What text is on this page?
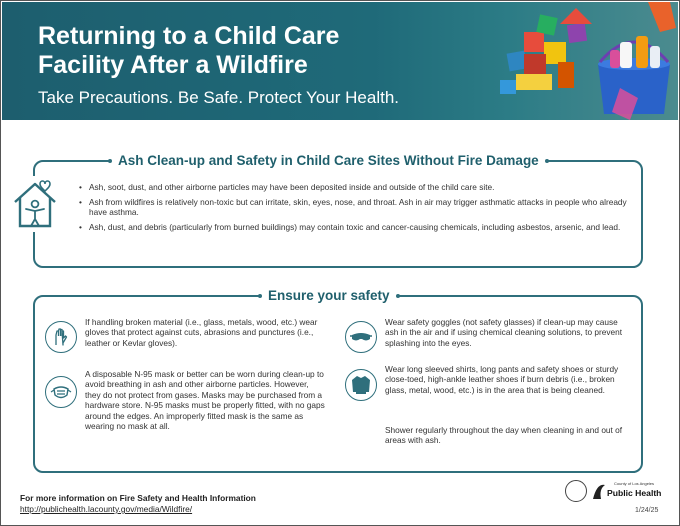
Returning to a Child Care
Facility After a Wildfire
Take Precautions. Be Safe. Protect Your Health.
Ash Clean-up and Safety in Child Care Sites Without Fire Damage
• Ash, soot, dust, and other airborne particles may have been deposited inside and outside of the child care site.
• Ash from wildfires is relatively non-toxic but can irritate, skin, eyes, nose, and throat. Ash in air may trigger asthmatic attacks in people who already have asthma.
• Ash, dust, and debris (particularly from burned buildings) may contain toxic and cancer-causing chemicals, including asbestos, arsenic, and lead.
Ensure your safety
If handling broken material (i.e., glass, metals, wood, etc.) wear gloves that protect against cuts, abrasions and punctures (i.e., leather or Kevlar gloves).
A disposable N-95 mask or better can be worn during clean-up to avoid breathing in ash and other airborne particles. However, they do not protect from gases. Masks may be purchased from a hardware store. N-95 masks must be properly fitted, with no gaps around the edges. An improperly fitted mask is the same as wearing no mask at all.
Wear safety goggles (not safety glasses) if clean-up may cause ash in the air and if using chemical cleaning solutions, to prevent splashing into the eyes.
Wear long sleeved shirts, long pants and safety shoes or sturdy close-toed, high-ankle leather shoes if burn debris (i.e., broken glass, metal, wood, etc.) is in the area that is being cleaned.
Shower regularly throughout the day when cleaning in and out of areas with ash.
For more information on Fire Safety and Health Information
http://publichealth.lacounty.gov/media/Wildfire/
County of Los Angeles
Public Health
1/24/25
